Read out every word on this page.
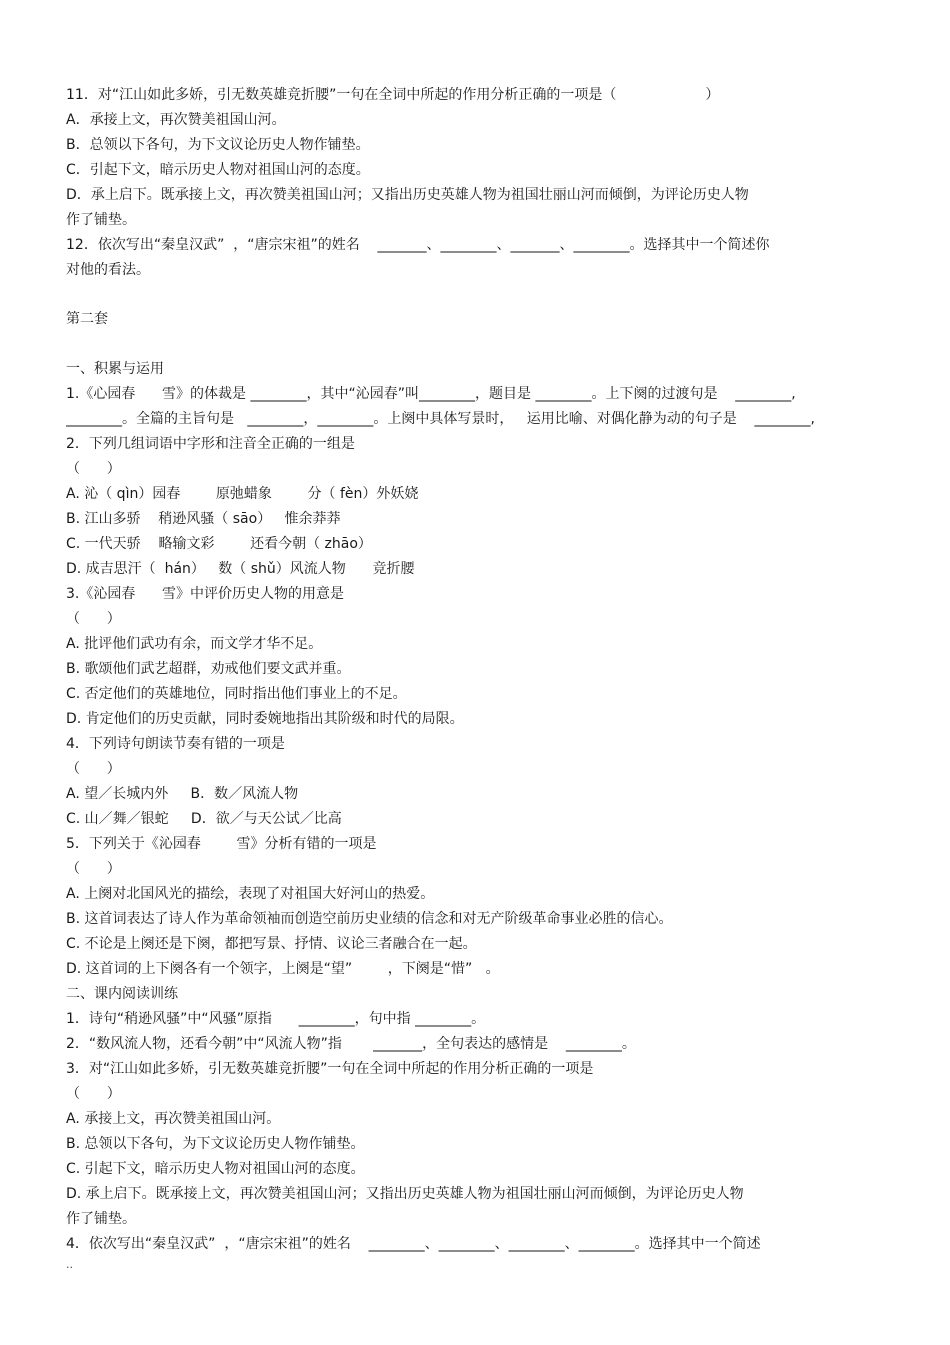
11．对“江山如此多娇，引无数英雄竞折腰”一句在全词中所起的作用分析正确的一项是（                    ）
A．承接上文，再次赞美祖国山河。
B．总领以下各句，为下文议论历史人物作铺垫。
C．引起下文，暗示历史人物对祖国山河的态度。
D．承上启下。既承接上文，再次赞美祖国山河；又指出历史英雄人物为祖国壮丽山河而倾倒，为评论历史人物
作了铺垫。
12．依次写出“秦皇汉武”  ，“唐宗宋祖”的姓名    _______、________、_______、________。选择其中一个简述你
对他的看法。
第二套
一、积累与运用
1.《心园春      雪》的体裁是 ________，其中“沁园春”叫________，题目是 ________。上下阕的过渡句是    ________,
________。全篇的主旨句是   ________，________。上阕中具体写景时，   运用比喻、对偶化静为动的句子是    ________,
2．下列几组词语中字形和注音全正确的一组是
（      ）
A. 沁（ qìn）园春        原弛蜡象        分（ fèn）外妖娆
B. 江山多骄    稍逊风骚（ sāo）   惟余莽莽
C. 一代天骄    略输文彩        还看今朝（ zhāo）
D. 成吉思汗（  hán）   数（ shǔ）风流人物      竞折腰
3.《沁园春      雪》中评价历史人物的用意是
（      ）
A. 批评他们武功有余，而文学才华不足。
B. 歌颂他们武艺超群，劝戒他们要文武并重。
C. 否定他们的英雄地位，同时指出他们事业上的不足。
D. 肯定他们的历史贡献，同时委婉地指出其阶级和时代的局限。
4．下列诗句朗读节奏有错的一项是
（      ）
A. 望／长城内外     B．数／风流人物
C. 山／舞／银蛇     D．欲／与天公试／比高
5．下列关于《沁园春        雪》分析有错的一项是
（      ）
A. 上阕对北国风光的描绘，表现了对祖国大好河山的热爱。
B. 这首词表达了诗人作为革命领袖而创造空前历史业绩的信念和对无产阶级革命事业必胜的信心。
C. 不论是上阕还是下阕，都把写景、抒情、议论三者融合在一起。
D. 这首词的上下阕各有一个领字，上阕是“望”        ，下阕是“惜”   。
二、课内阅读训练
1．诗句“稍逊风骚”中“风骚”原指      ________，句中指 ________。
2．“数风流人物，还看今朝”中“风流人物”指       _______，全句表达的感情是    ________。
3．对“江山如此多娇，引无数英雄竞折腰”一句在全词中所起的作用分析正确的一项是
（      ）
A. 承接上文，再次赞美祖国山河。
B. 总领以下各句，为下文议论历史人物作铺垫。
C. 引起下文，暗示历史人物对祖国山河的态度。
D. 承上启下。既承接上文，再次赞美祖国山河；又指出历史英雄人物为祖国壮丽山河而倾倒，为评论历史人物
作了铺垫。
4．依次写出“秦皇汉武”  ，“唐宗宋祖”的姓名    ________、________、________、________。选择其中一个简述
..
